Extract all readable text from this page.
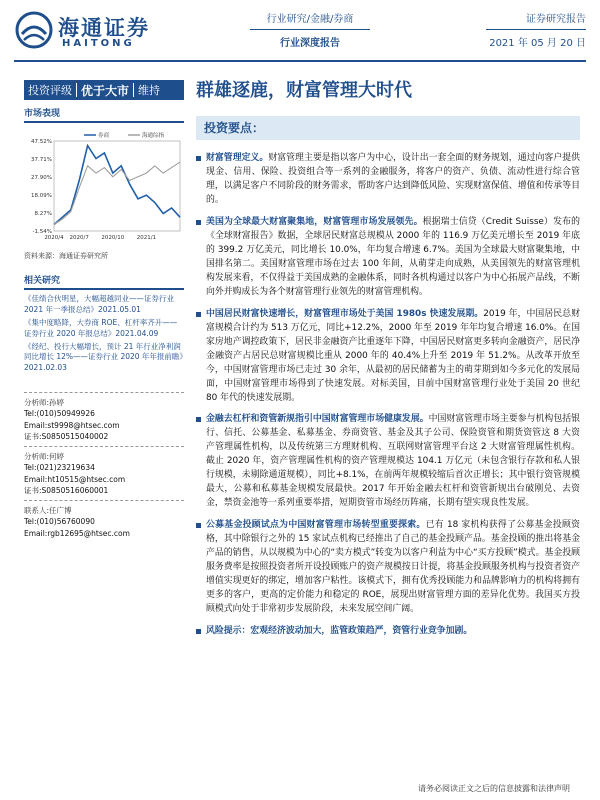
海通证券
HAITONG
行业研究/金融/券商
行业深度报告
证券研究报告
2021 年 05 月 20 日
投资评级 优于大市 维持 群雄逐鹿，财富管理大时代
市场表现
47.52%
37.71%
27.90%
18.09%
8.27%
-1.54%
2020/4 2020/7 2020/10 2021/1
券商	海通综指
资料来源：海通证券研究所
相关研究
《佳绩合伙明星，大幅超越同业——证券行业 2021 年一季报总结》2021.05.01
《集中度略降，大券商 ROE、杠杆率齐升——证券行业 2020 年报总结》2021.04.09
《经纪、投行大幅增长，预计 21 年行业净利润同比增长 12%——证券行业 2020 年年报前瞻》2021.02.03
分析师:孙婷
Tel:(010)50949926
Email:st9998@htsec.com
证书:S0850515040002
分析师:何婷
Tel:(021)23219634
Email:ht10515@htsec.com
证书:S0850516060001
联系人:任广博
Tel:(010)56760090
Email:rgb12695@htsec.com
投资要点：
财富管理定义。财富管理主要是指以客户为中心，设计出一套全面的财务规划，通过向客户提供现金、信用、保险、投资组合等一系列的金融服务，将客户的资产、负债、流动性进行综合管理，以满足客户不同阶段的财务需求，帮助客户达到降低风险、实现财富保值、增值和传承等目的。
美国为全球最大财富聚集地，财富管理市场发展领先。根据瑞士信贷（Credit Suisse）发布的《全球财富报告》数据，全球居民财富总规模从 2000 年的 116.9 万亿美元增长至 2019 年底的 399.2 万亿美元，同比增长 10.0%，年均复合增速 6.7%。美国为全球最大财富聚集地，中国排名第二。美国财富管理市场在过去 100 年间，从萌芽走向成熟，从美国领先的财富管理机构发展来看，不仅得益于美国成熟的金融体系，同时各机构通过以客户为中心拓展产品线，不断向外并购成长为各个财富管理行业领先的财富管理机构。
中国居民财富快速增长，财富管理市场处于美国 1980s 快速发展期。2019 年，中国居民总财富规模合计约为 513 万亿元，同比+12.2%，2000 年至 2019 年年均复合增速 16.0%。在国家房地产调控政策下，居民非金融资产比重逐年下降，中国居民财富更多转向金融资产，居民净金融资产占居民总财富规模比重从 2000 年的 40.4%上升至 2019 年 51.2%。从改革开放至今，中国财富管理市场已走过 30 余年，从最初的居民储蓄为主的萌芽期到如今多元化的发展局面，中国财富管理市场得到了快速发展。对标美国，目前中国财富管理行业处于美国 20 世纪 80 年代的快速发展期。
金融去杠杆和资管新规指引中国财富管理市场健康发展。中国财富管理市场主要参与机构包括银行、信托、公募基金、私募基金、券商资管、基金及其子公司、保险资管和期货资管这 8 大资产管理属性机构，以及传统第三方理财机构、互联网财富管理平台这 2 大财富管理属性机构。截止 2020 年，资产管理属性机构的资产管理规模达 104.1 万亿元（未包含银行存款和私人银行规模，未剔除通道规模），同比+8.1%，在前两年规模较缩后首次正增长；其中银行资管规模最大，公募和私募基金规模发展最快。2017 年开始金融去杠杆和资管新规出台破刚兑、去资金，禁资金池等一系列重要举措，短期资管市场经历阵痛，长期有望实现良性发展。
公募基金投顾试点为中国财富管理市场转型重要探索。已有 18 家机构获得了公募基金投顾资格，其中除银行之外的 15 家试点机构已经推出了自己的基金投顾产品。基金投顾的推出将基金产品的销售，从以规模为中心的“卖方模式”转变为以客户利益为中心“买方投顾”模式。基金投顾服务费率是按照投资者所开设投顾账户的资产规模按日计提，将基金投顾服务机构与投资者资产增值实现更好的绑定，增加客户粘性。该模式下，拥有优秀投顾能力和品牌影响力的机构将拥有更多的客户，更高的定价能力和稳定的 ROE，展现出财富管理方面的差异化优势。我国买方投顾模式向处于非常初步发展阶段，未来发展空间广阔。
风险提示：宏观经济波动加大，监管政策趋严，资管行业竞争加剧。
请务必阅读正文之后的信息披露和法律声明
